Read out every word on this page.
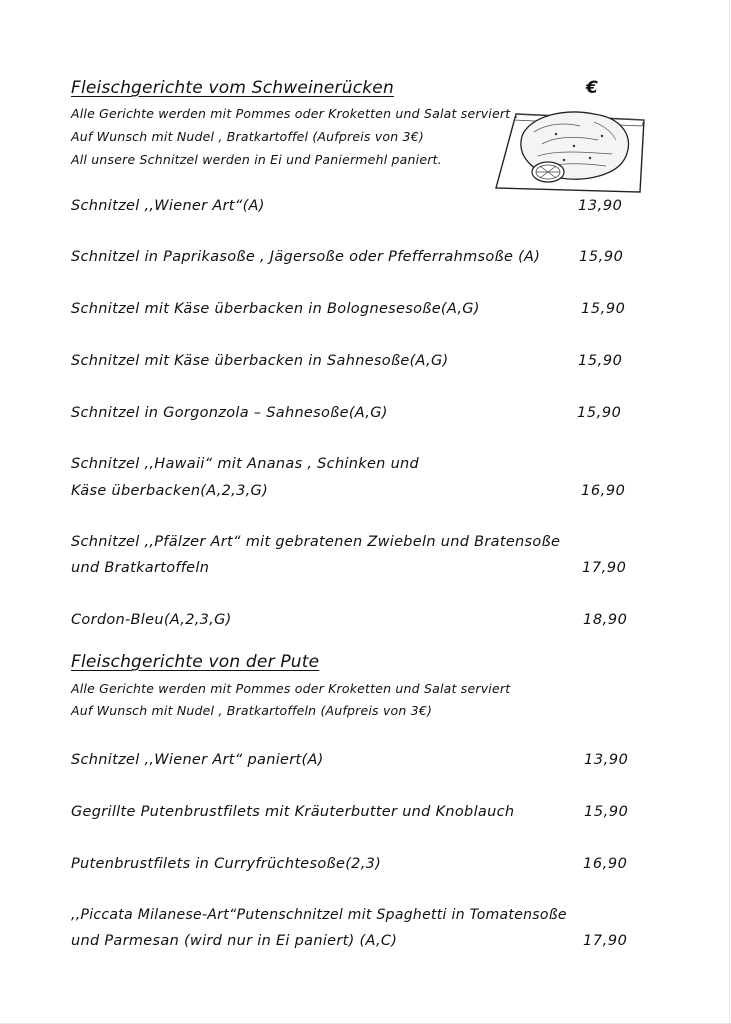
Fleischgerichte vom Schweinerücken	€
Alle Gerichte werden mit Pommes oder Kroketten und Salat serviert .
Auf Wunsch mit Nudel , Bratkartoffel (Aufpreis von 3€)
All unsere Schnitzel werden in Ei und Paniermehl paniert.
Schnitzel ,,Wiener Art“(A)	13,90
Schnitzel in Paprikasoße , Jägersoße oder Pfefferrahmsoße (A)	15,90
Schnitzel mit Käse überbacken in Bolognesesoße(A,G)	15,90
Schnitzel mit Käse überbacken in Sahnesoße(A,G)	15,90
Schnitzel in Gorgonzola – Sahnesoße(A,G)	15,90
Schnitzel ,,Hawaii“ mit Ananas , Schinken und
Käse überbacken(A,2,3,G)	16,90
Schnitzel ,,Pfälzer Art“ mit gebratenen Zwiebeln und Bratensoße
und Bratkartoffeln	17,90
Cordon-Bleu(A,2,3,G)	18,90
Fleischgerichte von der Pute
Alle Gerichte werden mit Pommes oder Kroketten und Salat serviert
Auf Wunsch mit Nudel , Bratkartoffeln (Aufpreis von 3€)
Schnitzel ,,Wiener Art“ paniert(A)	13,90
Gegrillte Putenbrustfilets mit Kräuterbutter und Knoblauch	15,90
Putenbrustfilets in Curryfrüchtesoße(2,3)	16,90
,,Piccata Milanese-Art“Putenschnitzel mit Spaghetti in Tomatensoße
und Parmesan (wird nur in Ei paniert) (A,C)	17,90
